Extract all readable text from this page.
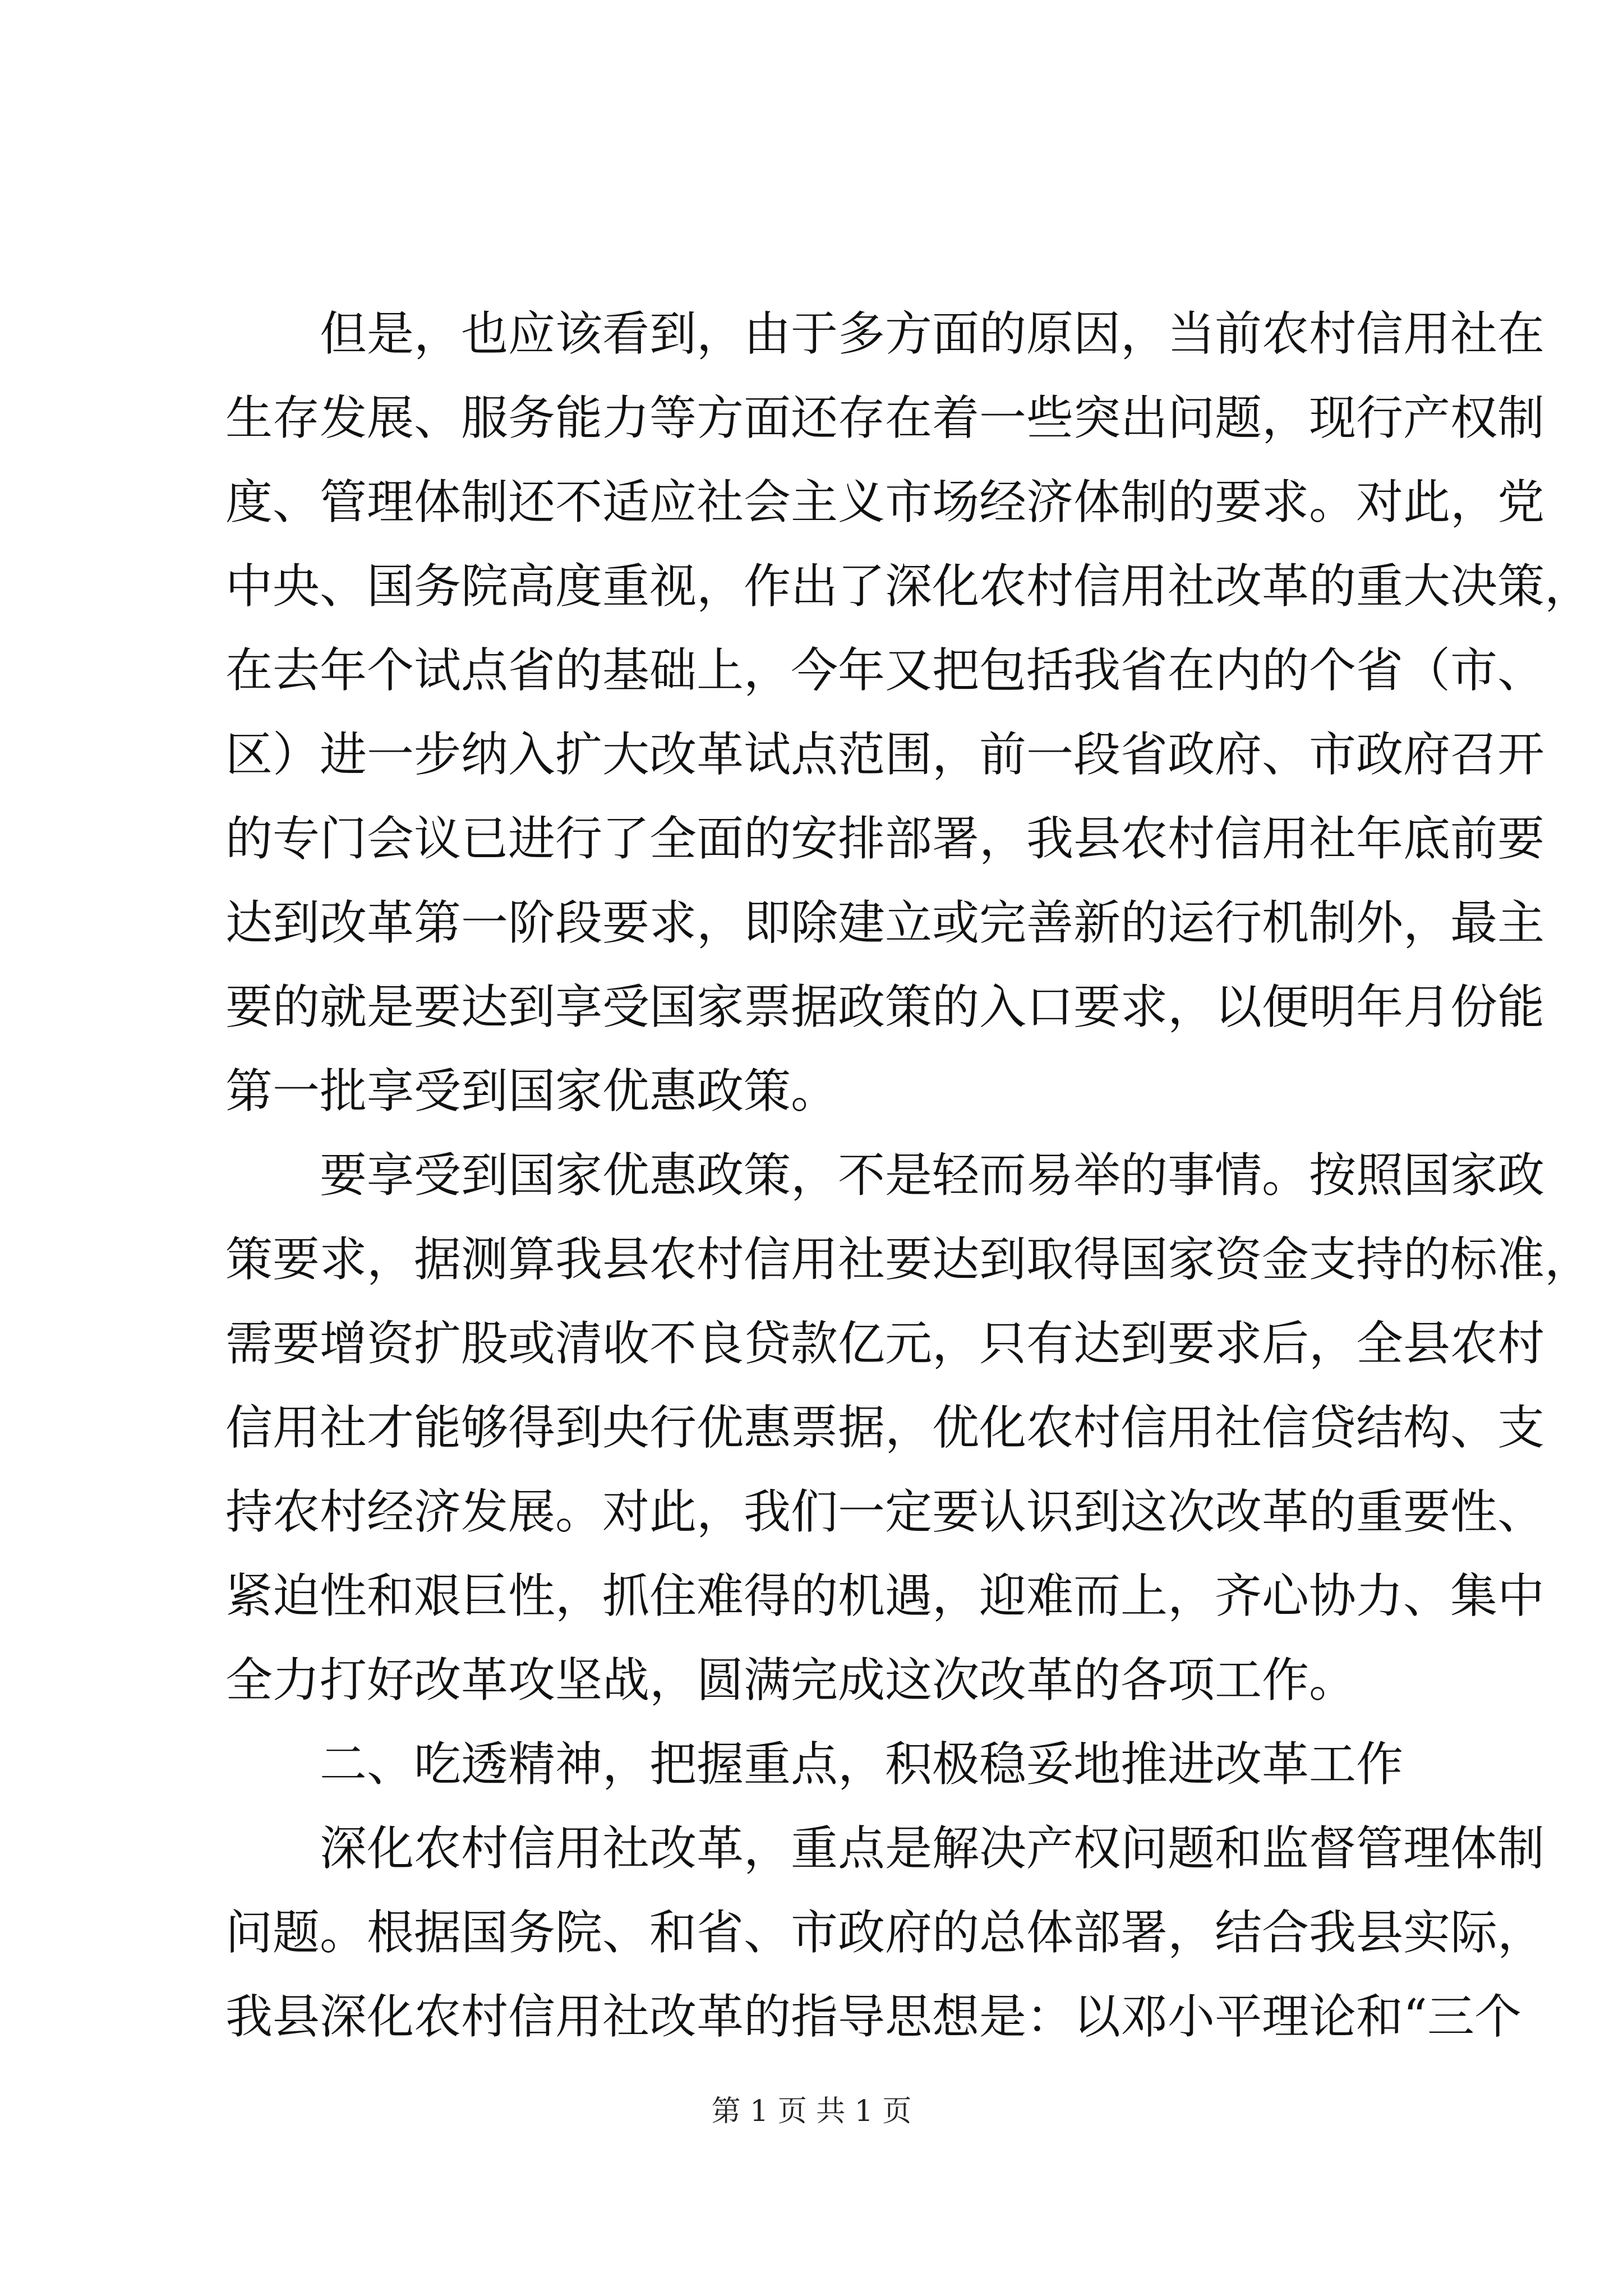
但是，也应该看到，由于多方面的原因，当前农村信用社在
生存发展、服务能力等方面还存在着一些突出问题，现行产权制
度、管理体制还不适应社会主义市场经济体制的要求。对此，党
中央、国务院高度重视，作出了深化农村信用社改革的重大决策，
在去年个试点省的基础上，今年又把包括我省在内的个省（市、
区）进一步纳入扩大改革试点范围，前一段省政府、市政府召开
的专门会议已进行了全面的安排部署，我县农村信用社年底前要
达到改革第一阶段要求，即除建立或完善新的运行机制外，最主
要的就是要达到享受国家票据政策的入口要求，以便明年月份能
第一批享受到国家优惠政策。
要享受到国家优惠政策，不是轻而易举的事情。按照国家政
策要求，据测算我县农村信用社要达到取得国家资金支持的标准，
需要增资扩股或清收不良贷款亿元，只有达到要求后，全县农村
信用社才能够得到央行优惠票据，优化农村信用社信贷结构、支
持农村经济发展。对此，我们一定要认识到这次改革的重要性、
紧迫性和艰巨性，抓住难得的机遇，迎难而上，齐心协力、集中
全力打好改革攻坚战，圆满完成这次改革的各项工作。
二、吃透精神，把握重点，积极稳妥地推进改革工作
深化农村信用社改革，重点是解决产权问题和监督管理体制
问题。根据国务院、和省、市政府的总体部署，结合我县实际，
我县深化农村信用社改革的指导思想是：以邓小平理论和“三个
第 1 页 共 1 页
